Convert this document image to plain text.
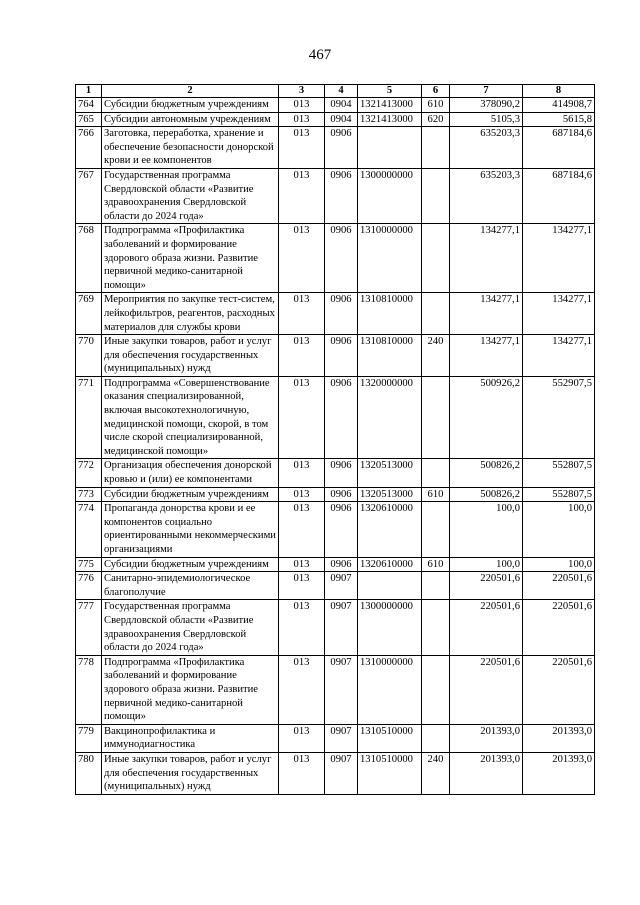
467
1	2	3	4	5	6	7	8
764	Субсидии бюджетным учреждениям	013	0904	1321413000	610	378090,2	414908,7
765	Субсидии автономным учреждениям	013	0904	1321413000	620	5105,3	5615,8
766	Заготовка, переработка, хранение и обеспечение безопасности донорской крови и ее компонентов	013	0906			635203,3	687184,6
767	Государственная программа Свердловской области «Развитие здравоохранения Свердловской области до 2024 года»	013	0906	1300000000		635203,3	687184,6
768	Подпрограмма «Профилактика заболеваний и формирование здорового образа жизни. Развитие первичной медико-санитарной помощи»	013	0906	1310000000		134277,1	134277,1
769	Мероприятия по закупке тест-систем, лейкофильтров, реагентов, расходных материалов для службы крови	013	0906	1310810000		134277,1	134277,1
770	Иные закупки товаров, работ и услуг для обеспечения государственных (муниципальных) нужд	013	0906	1310810000	240	134277,1	134277,1
771	Подпрограмма «Совершенствование оказания специализированной, включая высокотехнологичную, медицинской помощи, скорой, в том числе скорой специализированной, медицинской помощи»	013	0906	1320000000		500926,2	552907,5
772	Организация обеспечения донорской кровью и (или) ее компонентами	013	0906	1320513000		500826,2	552807,5
773	Субсидии бюджетным учреждениям	013	0906	1320513000	610	500826,2	552807,5
774	Пропаганда донорства крови и ее компонентов социально ориентированными некоммерческими организациями	013	0906	1320610000		100,0	100,0
775	Субсидии бюджетным учреждениям	013	0906	1320610000	610	100,0	100,0
776	Санитарно-эпидемиологическое благополучие	013	0907			220501,6	220501,6
777	Государственная программа Свердловской области «Развитие здравоохранения Свердловской области до 2024 года»	013	0907	1300000000		220501,6	220501,6
778	Подпрограмма «Профилактика заболеваний и формирование здорового образа жизни. Развитие первичной медико-санитарной помощи»	013	0907	1310000000		220501,6	220501,6
779	Вакцинопрофилактика и иммунодиагностика	013	0907	1310510000		201393,0	201393,0
780	Иные закупки товаров, работ и услуг для обеспечения государственных (муниципальных) нужд	013	0907	1310510000	240	201393,0	201393,0
